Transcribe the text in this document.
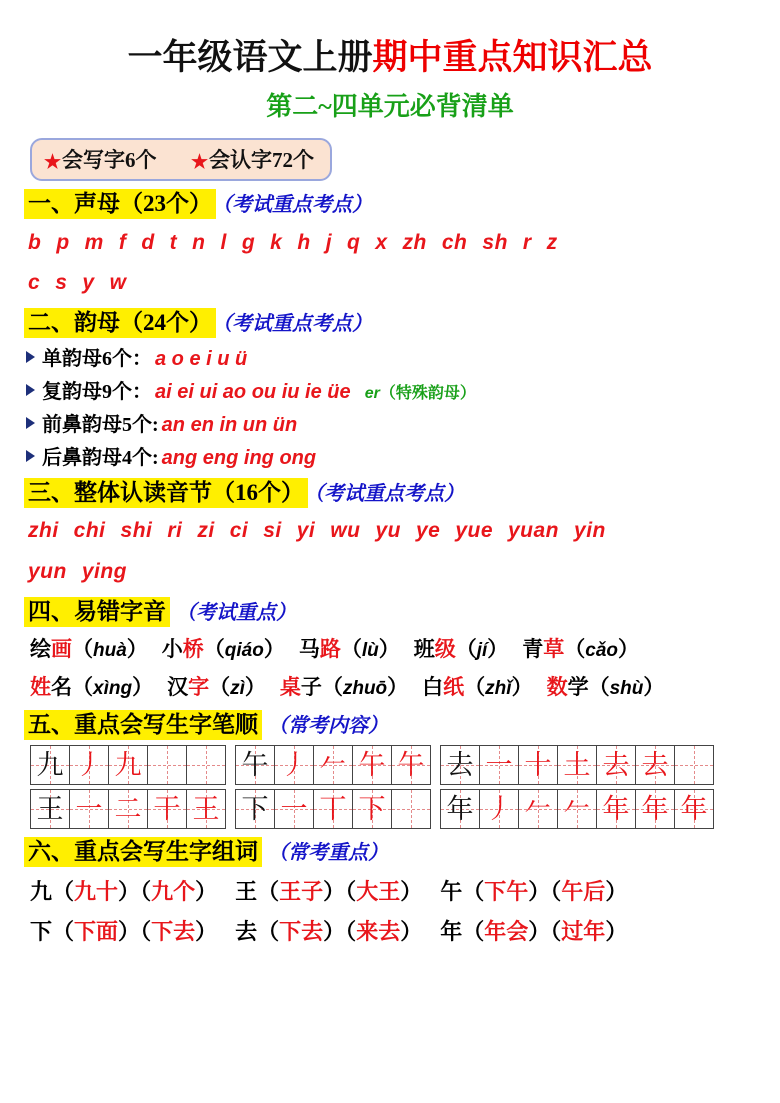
一年级语文上册期中重点知识汇总
第二~四单元必背清单
★会写字6个 ★会认字72个
一、声母（23个） （考试重点考点）
b p m f d t n l g k h j q x zh ch sh r z
c s y w
二、韵母（24个） （考试重点考点）
单韵母6个： a o e i u ü
复韵母9个： ai ei ui ao ou iu ie üe er（特殊韵母）
前鼻韵母5个: an en in un ün
后鼻韵母4个: ang eng ing ong
三、整体认读音节（16个） （考试重点考点）
zhi chi shi ri zi ci si yi wu yu ye yue yuan yin
yun ying
四、易错字音 （考试重点）
绘画（huà） 小桥（qiáo） 马路（lù） 班级（jí） 青草（cǎo）
姓名（xìng） 汉字（zì） 桌子（zhuō） 白纸（zhǐ） 数学（shù）
五、重点会写生字笔顺 （常考内容）
九 丿 九
王 一 二 干 王
午 丿 𠂉 午 午
下 一 丅 下
去 一 十 土 去 去
年 丿 𠂉 𠂉 年 年 年
六、重点会写生字组词 （常考重点）
九（九十）（九个） 王（王子）（大王） 午（下午）（午后）
下（下面）（下去） 去（下去）（来去） 年（年会）（过年）
